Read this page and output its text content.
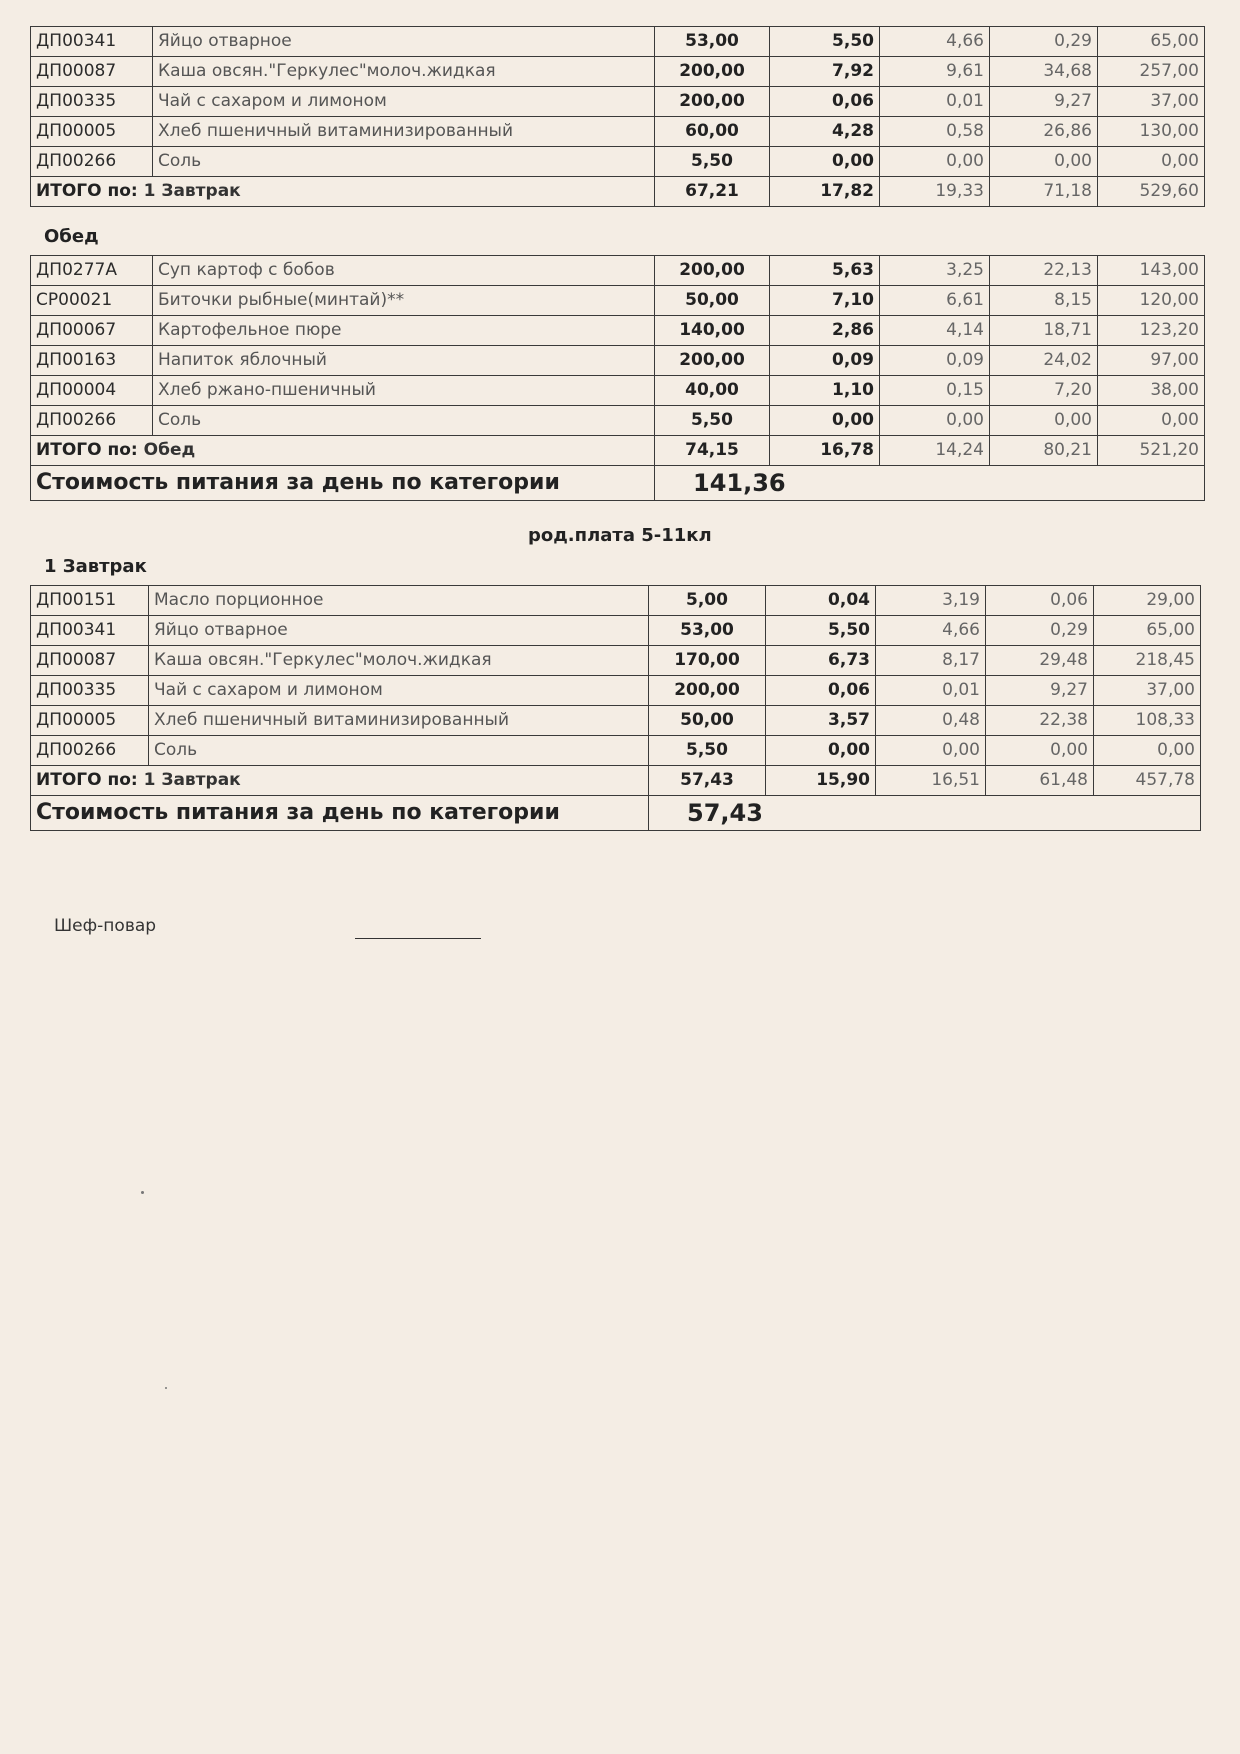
ДП00341	Яйцо отварное	53,00	5,50	4,66	0,29	65,00
ДП00087	Каша овсян."Геркулес"молоч.жидкая	200,00	7,92	9,61	34,68	257,00
ДП00335	Чай с сахаром и лимоном	200,00	0,06	0,01	9,27	37,00
ДП00005	Хлеб пшеничный витаминизированный	60,00	4,28	0,58	26,86	130,00
ДП00266	Соль	5,50	0,00	0,00	0,00	0,00
ИТОГО по: 1 Завтрак		67,21	17,82	19,33	71,18	529,60
Обед
ДП0277А	Суп картоф с бобов	200,00	5,63	3,25	22,13	143,00
СР00021	Биточки рыбные(минтай)**	50,00	7,10	6,61	8,15	120,00
ДП00067	Картофельное пюре	140,00	2,86	4,14	18,71	123,20
ДП00163	Напиток яблочный	200,00	0,09	0,09	24,02	97,00
ДП00004	Хлеб ржано-пшеничный	40,00	1,10	0,15	7,20	38,00
ДП00266	Соль	5,50	0,00	0,00	0,00	0,00
ИТОГО по: Обед		74,15	16,78	14,24	80,21	521,20
Стоимость питания за день по категории		141,36				
род.плата 5-11кл
1 Завтрак
ДП00151	Масло порционное	5,00	0,04	3,19	0,06	29,00
ДП00341	Яйцо отварное	53,00	5,50	4,66	0,29	65,00
ДП00087	Каша овсян."Геркулес"молоч.жидкая	170,00	6,73	8,17	29,48	218,45
ДП00335	Чай с сахаром и лимоном	200,00	0,06	0,01	9,27	37,00
ДП00005	Хлеб пшеничный витаминизированный	50,00	3,57	0,48	22,38	108,33
ДП00266	Соль	5,50	0,00	0,00	0,00	0,00
ИТОГО по: 1 Завтрак		57,43	15,90	16,51	61,48	457,78
Стоимость питания за день по категории		57,43				
Шеф-повар
